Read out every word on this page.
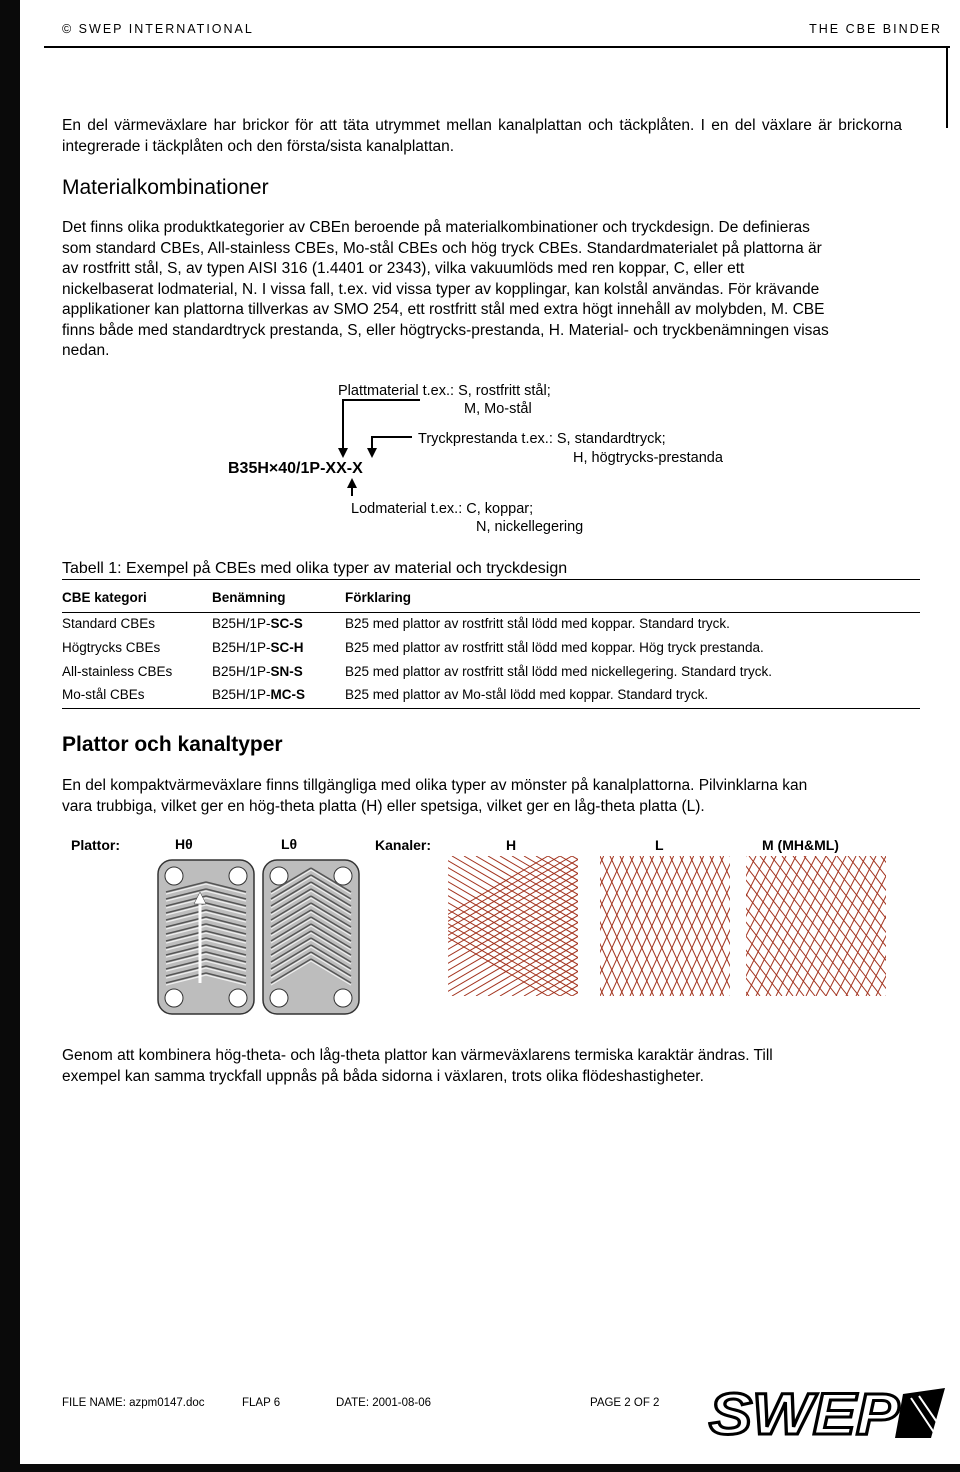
© SWEP INTERNATIONAL	THE CBE BINDER
En del värmeväxlare har brickor för att täta utrymmet mellan kanalplattan och täckplåten. I en del växlare är brickorna integrerade i täckplåten och den första/sista kanalplattan.
Materialkombinationer
Det finns olika produktkategorier av CBEn beroende på materialkombinationer och tryckdesign. De definieras
som standard CBEs, All-stainless CBEs, Mo-stål CBEs och hög tryck CBEs. Standardmaterialet på plattorna är
av rostfritt stål, S, av typen AISI 316 (1.4401 or 2343), vilka vakuumlöds med ren koppar, C, eller ett
nickelbaserat lodmaterial, N. I vissa fall, t.ex. vid vissa typer av kopplingar, kan kolstål användas. För krävande
applikationer kan plattorna tillverkas av SMO 254, ett rostfritt stål med extra högt innehåll av molybden, M. CBE
finns både med standardtryck prestanda, S, eller högtrycks-prestanda, H. Material- och tryckbenämningen visas
nedan.
Plattmaterial t.ex.: S, rostfritt stål;
M, Mo-stål
Tryckprestanda t.ex.: S, standardtryck;
H, högtrycks-prestanda
B35H×40/1P-XX-X
Lodmaterial t.ex.: C, koppar;
N, nickellegering
Tabell 1: Exempel på CBEs med olika typer av material och tryckdesign
CBE kategori	Benämning	Förklaring
Standard CBEs	B25H/1P-SC-S	B25 med plattor av rostfritt stål lödd med koppar. Standard tryck.
Högtrycks CBEs	B25H/1P-SC-H	B25 med plattor av rostfritt stål lödd med koppar. Hög tryck prestanda.
All-stainless CBEs	B25H/1P-SN-S	B25 med plattor av rostfritt stål lödd med nickellegering. Standard tryck.
Mo-stål CBEs	B25H/1P-MC-S	B25 med plattor av Mo-stål lödd med koppar. Standard tryck.
Plattor och kanaltyper
En del kompaktvärmeväxlare finns tillgängliga med olika typer av mönster på kanalplattorna. Pilvinklarna kan
vara trubbiga, vilket ger en hög-theta platta (H) eller spetsiga, vilket ger en låg-theta platta (L).
Plattor:	Hθ	Lθ	Kanaler:	H	L	M (MH&ML)
Genom att kombinera hög-theta- och låg-theta plattor kan värmeväxlarens termiska karaktär ändras. Till
exempel kan samma tryckfall uppnås på båda sidorna i växlaren, trots olika flödeshastigheter.
FILE NAME: azpm0147.doc	FLAP 6	DATE: 2001-08-06	PAGE 2 OF 2 SWEP
